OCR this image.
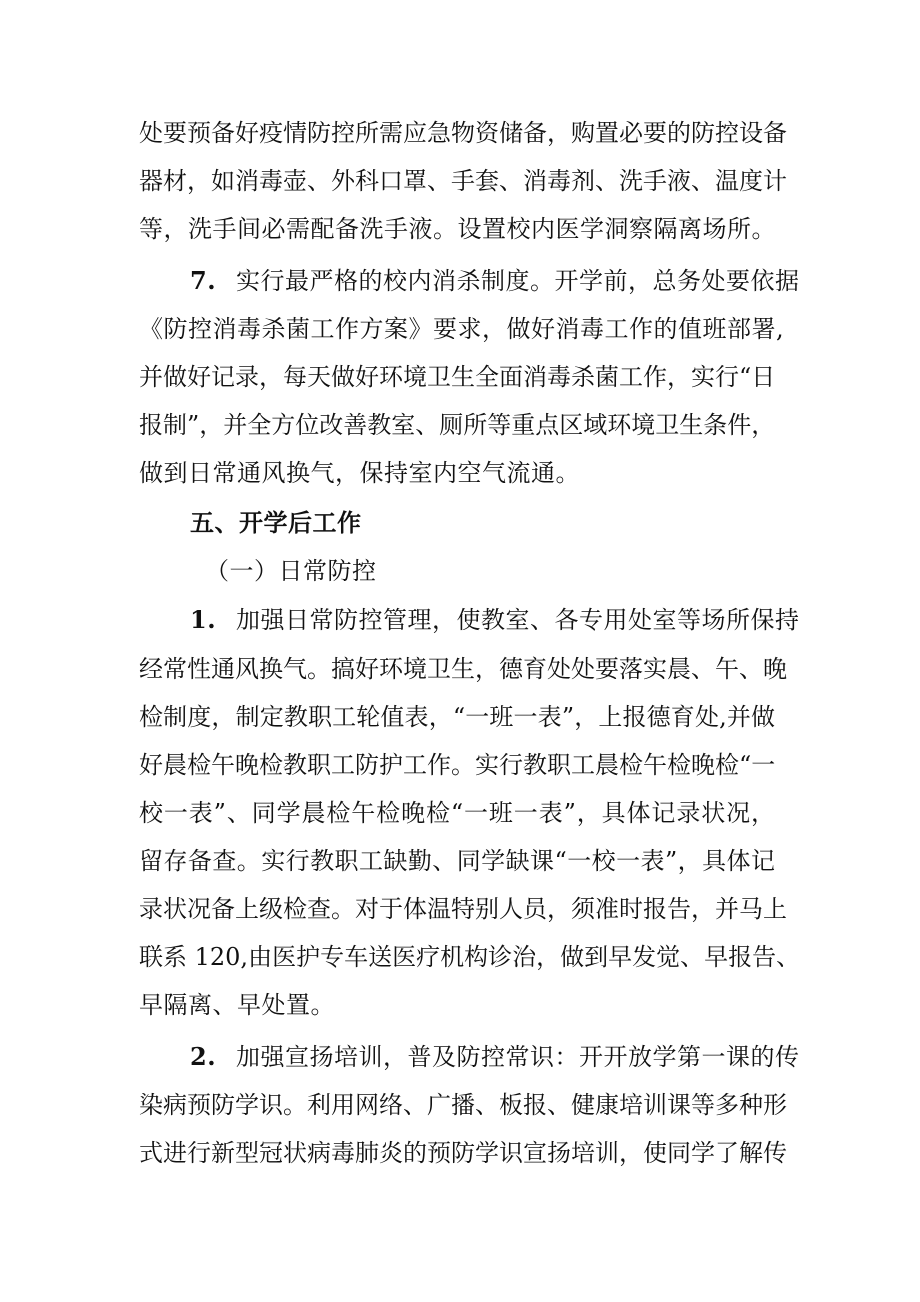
处要预备好疫情防控所需应急物资储备，购置必要的防控设备
器材，如消毒壶、外科口罩、手套、消毒剂、洗手液、温度计
等，洗手间必需配备洗手液。设置校内医学洞察隔离场所。
7. 实行最严格的校内消杀制度。开学前，总务处要依据
《防控消毒杀菌工作方案》要求，做好消毒工作的值班部署,
并做好记录，每天做好环境卫生全面消毒杀菌工作，实行“日
报制”，并全方位改善教室、厕所等重点区域环境卫生条件，
做到日常通风换气，保持室内空气流通。
五、开学后工作
（一）日常防控
1. 加强日常防控管理，使教室、各专用处室等场所保持
经常性通风换气。搞好环境卫生，德育处处要落实晨、午、晚
检制度，制定教职工轮值表，“一班一表”，上报德育处,并做
好晨检午晚检教职工防护工作。实行教职工晨检午检晚检“一
校一表”、同学晨检午检晚检“一班一表”，具体记录状况，
留存备查。实行教职工缺勤、同学缺课“一校一表”，具体记
录状况备上级检查。对于体温特别人员，须准时报告，并马上
联系 120,由医护专车送医疗机构诊治，做到早发觉、早报告、
早隔离、早处置。
2. 加强宣扬培训，普及防控常识：开开放学第一课的传
染病预防学识。利用网络、广播、板报、健康培训课等多种形
式进行新型冠状病毒肺炎的预防学识宣扬培训，使同学了解传
